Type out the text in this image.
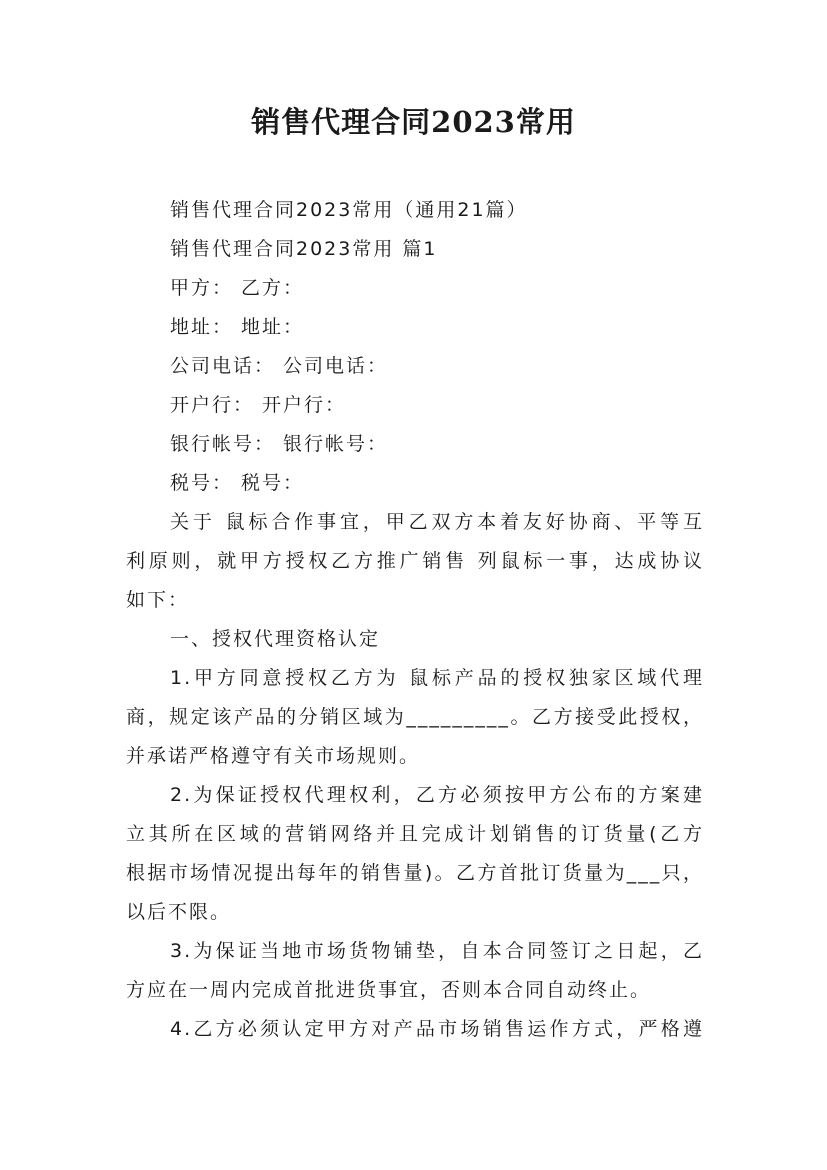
销售代理合同2023常用

销售代理合同2023常用（通用21篇）

销售代理合同2023常用 篇1

甲方： 乙方：

地址： 地址：

公司电话： 公司电话：

开户行： 开户行：

银行帐号： 银行帐号：

税号： 税号：

关于 鼠标合作事宜，甲乙双方本着友好协商、平等互

利原则，就甲方授权乙方推广销售 列鼠标一事，达成协议

如下：

一、授权代理资格认定

1.甲方同意授权乙方为 鼠标产品的授权独家区域代理

商，规定该产品的分销区域为_________。乙方接受此授权，

并承诺严格遵守有关市场规则。

2.为保证授权代理权利，乙方必须按甲方公布的方案建

立其所在区域的营销网络并且完成计划销售的订货量(乙方

根据市场情况提出每年的销售量)。乙方首批订货量为___只，

以后不限。

3.为保证当地市场货物铺垫，自本合同签订之日起，乙

方应在一周内完成首批进货事宜，否则本合同自动终止。

4.乙方必须认定甲方对产品市场销售运作方式，严格遵
